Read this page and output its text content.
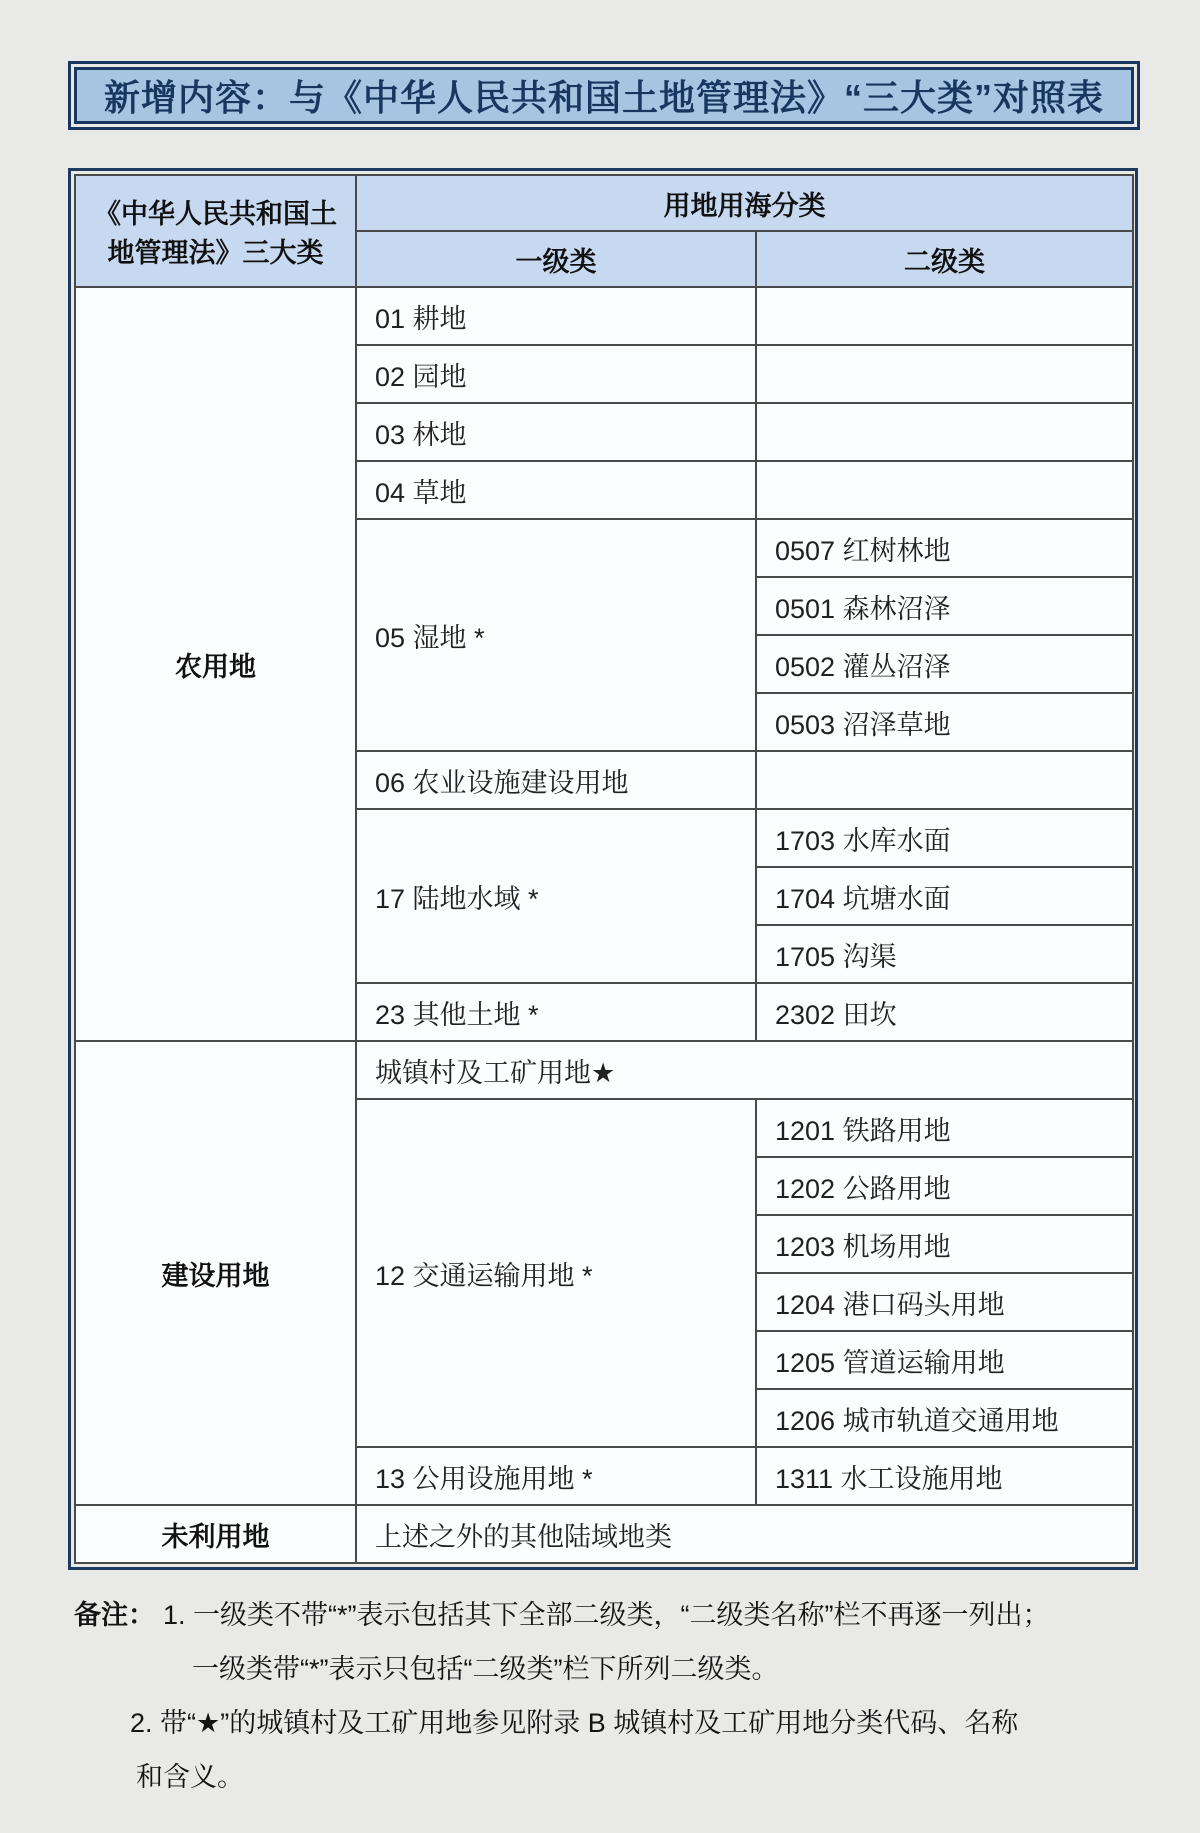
新增内容：与《中华人民共和国土地管理法》“三大类”对照表
《中华人民共和国土地管理法》三大类	用地用海分类	
	一级类	二级类
农用地	01 耕地	
	02 园地	
	03 林地	
	04 草地	
	05 湿地 *	0507 红树林地
		0501 森林沼泽
		0502 灌丛沼泽
		0503 沼泽草地
	06 农业设施建设用地	
	17 陆地水域 *	1703 水库水面
		1704 坑塘水面
		1705 沟渠
	23 其他土地 *	2302 田坎
建设用地	城镇村及工矿用地★	
	12 交通运输用地 *	1201 铁路用地
		1202 公路用地
		1203 机场用地
		1204 港口码头用地
		1205 管道运输用地
		1206 城市轨道交通用地
	13 公用设施用地 *	1311 水工设施用地
未利用地	上述之外的其他陆域地类	
备注： 1. 一级类不带“*”表示包括其下全部二级类，“二级类名称”栏不再逐一列出；
一级类带“*”表示只包括“二级类”栏下所列二级类。
2. 带“★”的城镇村及工矿用地参见附录 B 城镇村及工矿用地分类代码、名称
和含义。
